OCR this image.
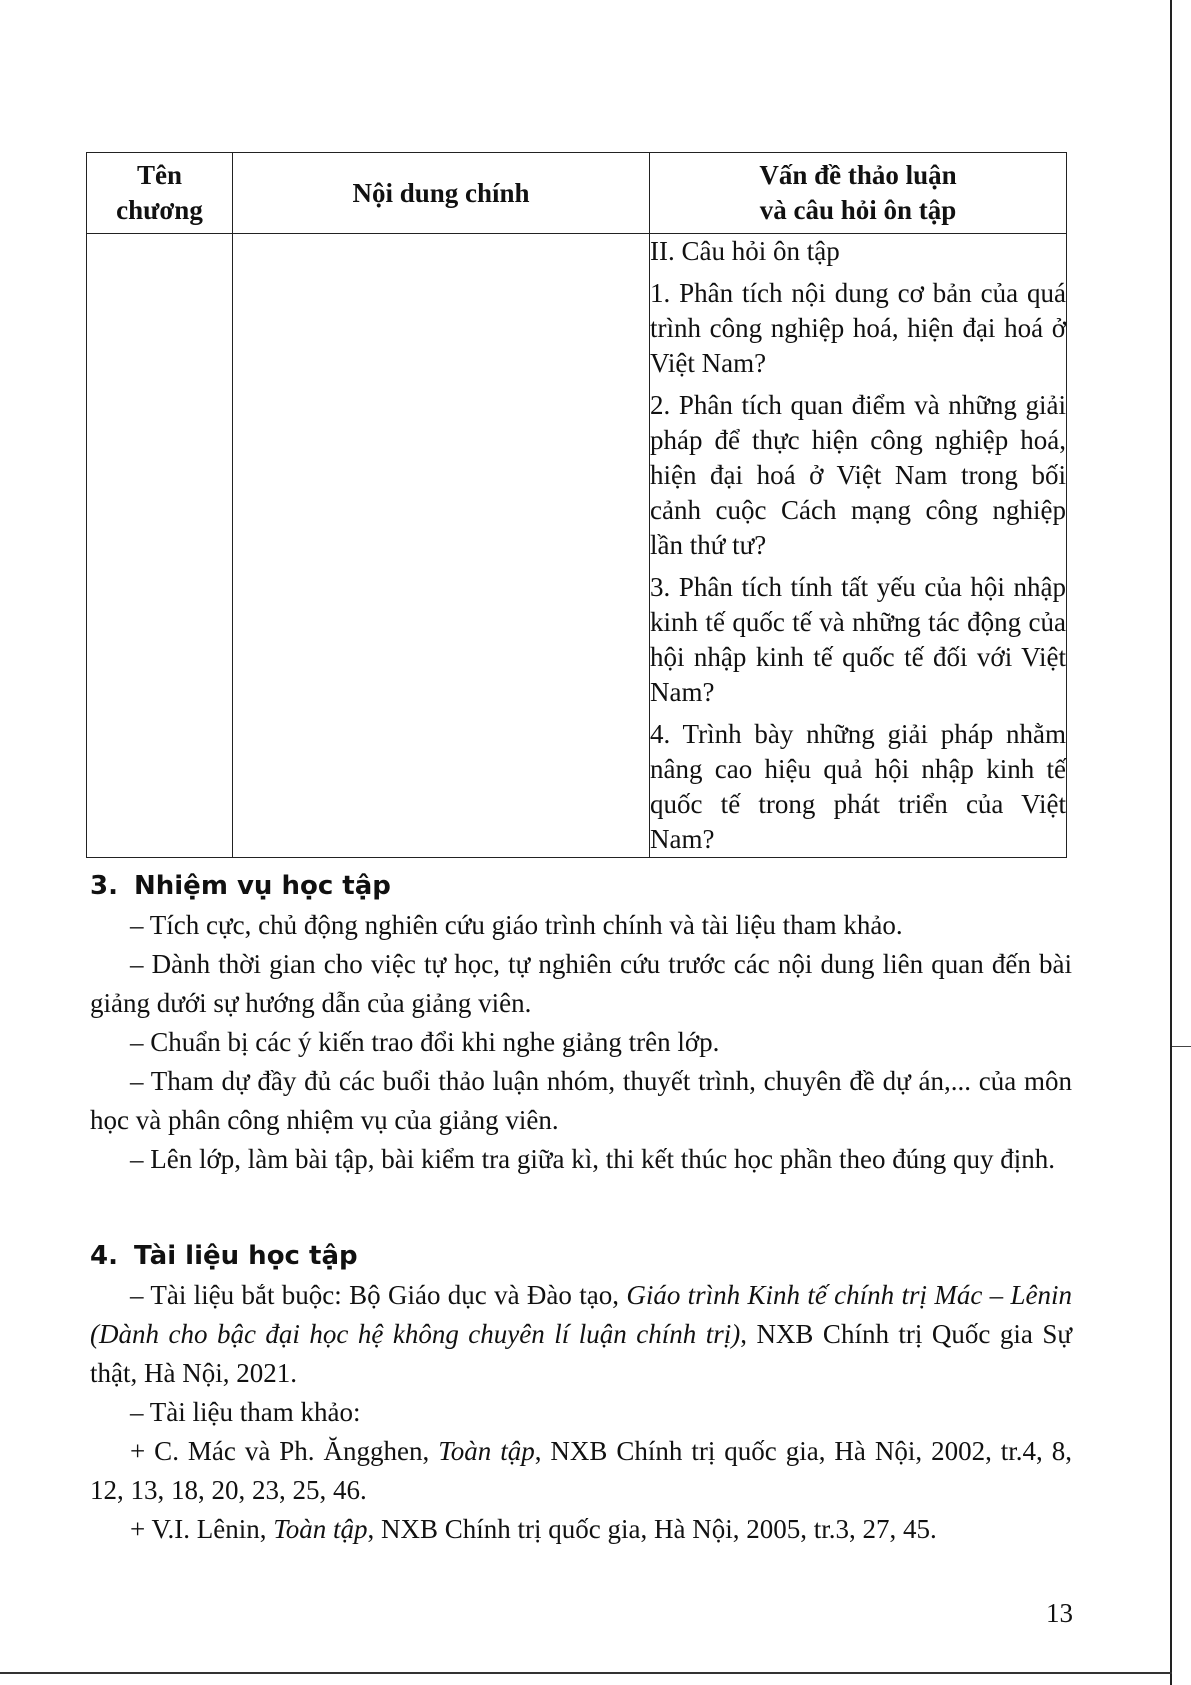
Tên chương	Nội dung chính	Vấn đề thảo luận
và câu hỏi ôn tập

		II. Câu hỏi ôn tập
1. Phân tích nội dung cơ bản của quá trình công nghiệp hoá, hiện đại hoá ở Việt Nam?
2. Phân tích quan điểm và những giải pháp để thực hiện công nghiệp hoá, hiện đại hoá ở Việt Nam trong bối cảnh cuộc Cách mạng công nghiệp lần thứ tư?
3. Phân tích tính tất yếu của hội nhập kinh tế quốc tế và những tác động của hội nhập kinh tế quốc tế đối với Việt Nam?
4. Trình bày những giải pháp nhằm nâng cao hiệu quả hội nhập kinh tế quốc tế trong phát triển của Việt Nam?
3. Nhiệm vụ học tập

– Tích cực, chủ động nghiên cứu giáo trình chính và tài liệu tham khảo.

– Dành thời gian cho việc tự học, tự nghiên cứu trước các nội dung liên quan đến bài giảng dưới sự hướng dẫn của giảng viên.

– Chuẩn bị các ý kiến trao đổi khi nghe giảng trên lớp.

– Tham dự đầy đủ các buổi thảo luận nhóm, thuyết trình, chuyên đề dự án,... của môn học và phân công nhiệm vụ của giảng viên.

– Lên lớp, làm bài tập, bài kiểm tra giữa kì, thi kết thúc học phần theo đúng quy định.

4. Tài liệu học tập

– Tài liệu bắt buộc: Bộ Giáo dục và Đào tạo, Giáo trình Kinh tế chính trị Mác – Lênin (Dành cho bậc đại học hệ không chuyên lí luận chính trị), NXB Chính trị Quốc gia Sự thật, Hà Nội, 2021.

– Tài liệu tham khảo:

+ C. Mác và Ph. Ăngghen, Toàn tập, NXB Chính trị quốc gia, Hà Nội, 2002, tr.4, 8, 12, 13, 18, 20, 23, 25, 46.

+ V.I. Lênin, Toàn tập, NXB Chính trị quốc gia, Hà Nội, 2005, tr.3, 27, 45.

13
